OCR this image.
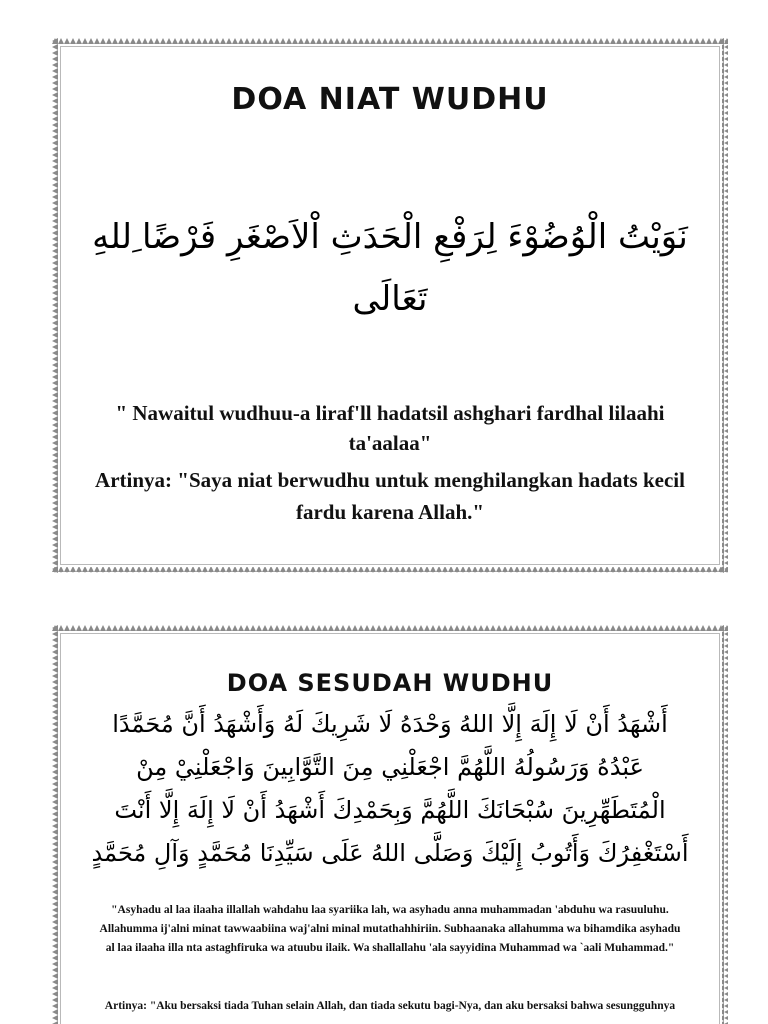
DOA NIAT WUDHU
نَوَيْتُ الْوُضُوْءَ لِرَفْعِ الْحَدَثِ اْلاَصْغَرِ فَرْضًا ِللهِ تَعَالَى
" Nawaitul wudhuu-a liraf'll hadatsil ashghari fardhal lilaahi ta'aalaa"
Artinya: "Saya niat berwudhu untuk menghilangkan hadats kecil fardu karena Allah."
DOA SESUDAH WUDHU
أَشْهَدُ أَنْ لَا إِلَهَ إِلَّا اللهُ وَحْدَهُ لَا شَرِيكَ لَهُ وَأَشْهَدُ أَنَّ مُحَمَّدًا عَبْدُهُ وَرَسُولُهُ اللَّهُمَّ اجْعَلْنِي مِنَ التَّوَّابِينَ وَاجْعَلْنِيْ مِنْ الْمُتَطَهِّرِينَ سُبْحَانَكَ اللَّهُمَّ وَبِحَمْدِكَ أَشْهَدُ أَنْ لَا إِلَهَ إِلَّا أَنْتَ أَسْتَغْفِرُكَ وَأَتُوبُ إِلَيْكَ وَصَلَّى اللهُ عَلَى سَيِّدِنَا مُحَمَّدٍ وَآلِ مُحَمَّدٍ
"Asyhadu al laa ilaaha illallah wahdahu laa syariika lah, wa asyhadu anna muhammadan 'abduhu wa rasuuluhu. Allahumma ij'alni minat tawwaabiina waj'alni minal mutathahhiriin. Subhaanaka allahumma wa bihamdika asyhadu al laa ilaaha illa nta astaghfiruka wa atuubu ilaik. Wa shallallahu 'ala sayyidina Muhammad wa `aali Muhammad."
Artinya: "Aku bersaksi tiada Tuhan selain Allah, dan tiada sekutu bagi-Nya, dan aku bersaksi bahwa sesungguhnya
